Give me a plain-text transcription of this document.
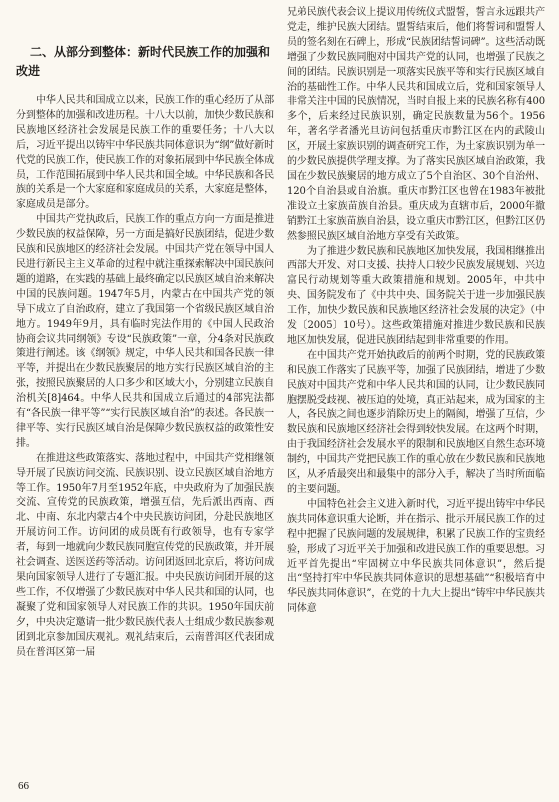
二、从部分到整体：新时代民族工作的加强和改进

中华人民共和国成立以来，民族工作的重心经历了从部分到整体的加强和改进历程。十八大以前，加快少数民族和民族地区经济社会发展是民族工作的重要任务；十八大以后，习近平提出以铸牢中华民族共同体意识为“纲”做好新时代党的民族工作，使民族工作的对象拓展到中华民族全体成员，工作范围拓展到中华人民共和国全域。中华民族和各民族的关系是一个大家庭和家庭成员的关系，大家庭是整体，家庭成员是部分。

中国共产党执政后，民族工作的重点方向一方面是推进少数民族的权益保障，另一方面是搞好民族团结，促进少数民族和民族地区的经济社会发展。中国共产党在领导中国人民进行新民主主义革命的过程中就注重探索解决中国民族问题的道路，在实践的基础上最终确定以民族区域自治来解决中国的民族问题。1947年5月，内蒙古在中国共产党的领导下成立了自治政府，建立了我国第一个省级民族区域自治地方。1949年9月，具有临时宪法作用的《中国人民政治协商会议共同纲领》专设“民族政策”一章，分4条对民族政策进行阐述。该《纲领》规定，中华人民共和国各民族一律平等，并提出在少数民族聚居的地方实行民族区域自治的主张，按照民族聚居的人口多少和区域大小，分别建立民族自治机关[8]464。中华人民共和国成立后通过的4部宪法都有“各民族一律平等”“实行民族区域自治”的表述。各民族一律平等、实行民族区域自治是保障少数民族权益的政策性安排。

在推进这些政策落实、落地过程中，中国共产党相继领导开展了民族访问交流、民族识别、设立民族区域自治地方等工作。1950年7月至1952年底，中央政府为了加强民族交流、宣传党的民族政策，增强互信，先后派出西南、西北、中南、东北内蒙古4个中央民族访问团，分赴民族地区开展访问工作。访问团的成员既有行政领导，也有专家学者，每到一地就向少数民族同胞宣传党的民族政策，并开展社会调查、送医送药等活动。访问团返回北京后，将访问成果向国家领导人进行了专题汇报。中央民族访问团开展的这些工作，不仅增强了少数民族对中华人民共和国的认同，也凝聚了党和国家领导人对民族工作的共识。1950年国庆前夕，中央决定邀请一批少数民族代表人士组成少数民族参观团到北京参加国庆观礼。观礼结束后，云南普洱区代表团成员在普洱区第一届

兄弟民族代表会议上提议用传统仪式盟誓，誓言永远跟共产党走，维护民族大团结。盟誓结束后，他们将誓词和盟誓人员的签名刻在石碑上，形成“民族团结誓词碑”。这些活动既增强了少数民族同胞对中国共产党的认同，也增强了民族之间的团结。民族识别是一项落实民族平等和实行民族区域自治的基础性工作。中华人民共和国成立后，党和国家领导人非常关注中国的民族情况，当时自报上来的民族名称有400多个，后来经过民族识别，确定民族数量为56个。1956年，著名学者潘光旦访问包括重庆市黔江区在内的武陵山区，开展土家族识别的调查研究工作，为土家族识别为单一的少数民族提供学理支撑。为了落实民族区域自治政策，我国在少数民族聚居的地方成立了5个自治区、30个自治州、120个自治县或自治旗。重庆市黔江区也曾在1983年被批准设立土家族苗族自治县。重庆成为直辖市后，2000年撤销黔江土家族苗族自治县，设立重庆市黔江区，但黔江区仍然参照民族区域自治地方享受有关政策。

为了推进少数民族和民族地区加快发展，我国相继推出西部大开发、对口支援、扶持人口较少民族发展规划、兴边富民行动规划等重大政策措施和规划。2005年，中共中央、国务院发布了《中共中央、国务院关于进一步加强民族工作，加快少数民族和民族地区经济社会发展的决定》（中发〔2005〕10号）。这些政策措施对推进少数民族和民族地区加快发展，促进民族团结起到非常重要的作用。

在中国共产党开始执政后的前两个时期，党的民族政策和民族工作落实了民族平等，加强了民族团结，增进了少数民族对中国共产党和中华人民共和国的认同，让少数民族同胞摆脱受歧视、被压迫的处境，真正站起来，成为国家的主人，各民族之间也逐步消除历史上的隔阂，增强了互信，少数民族和民族地区经济社会得到较快发展。在这两个时期，由于我国经济社会发展水平的限制和民族地区自然生态环境制约，中国共产党把民族工作的重心放在少数民族和民族地区，从矛盾最突出和最集中的部分入手，解决了当时所面临的主要问题。

中国特色社会主义进入新时代，习近平提出铸牢中华民族共同体意识重大论断，并在指示、批示开展民族工作的过程中把握了民族问题的发展规律，积累了民族工作的宝贵经验，形成了习近平关于加强和改进民族工作的重要思想。习近平首先提出“牢固树立中华民族共同体意识”，然后提出“坚持打牢中华民族共同体意识的思想基础”“积极培育中华民族共同体意识”，在党的十九大上提出“铸牢中华民族共同体意

66
